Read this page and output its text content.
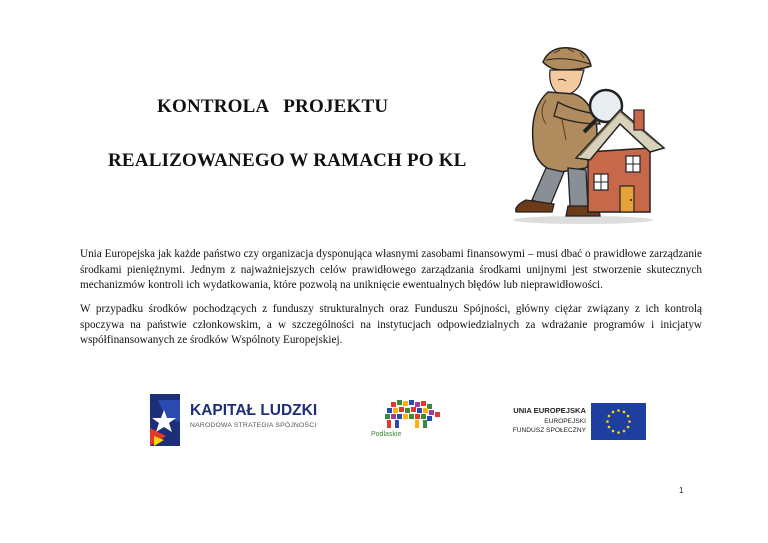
KONTROLA   PROJEKTU
REALIZOWANEGO W RAMACH PO KL

Unia Europejska jak każde państwo czy organizacja dysponująca własnymi zasobami finansowymi – musi dbać o prawidłowe zarządzanie środkami pieniężnymi. Jednym z najważniejszych celów prawidłowego zarządzania środkami unijnymi jest stworzenie skutecznych mechanizmów kontroli ich wydatkowania, które pozwolą na uniknięcie ewentualnych błędów lub nieprawidłowości.

W przypadku środków pochodzących z funduszy strukturalnych oraz Funduszu Spójności, główny ciężar związany z ich kontrolą spoczywa na państwie członkowskim, a w szczególności na instytucjach odpowiedzialnych za wdrażanie programów i inicjatyw współfinansowanych ze środków Wspólnoty Europejskiej.

KAPITAŁ LUDZKI
NARODOWA STRATEGIA SPÓJNOŚCI
Podlaskie
UNIA EUROPEJSKA
EUROPEJSKI
FUNDUSZ SPOŁECZNY
1
